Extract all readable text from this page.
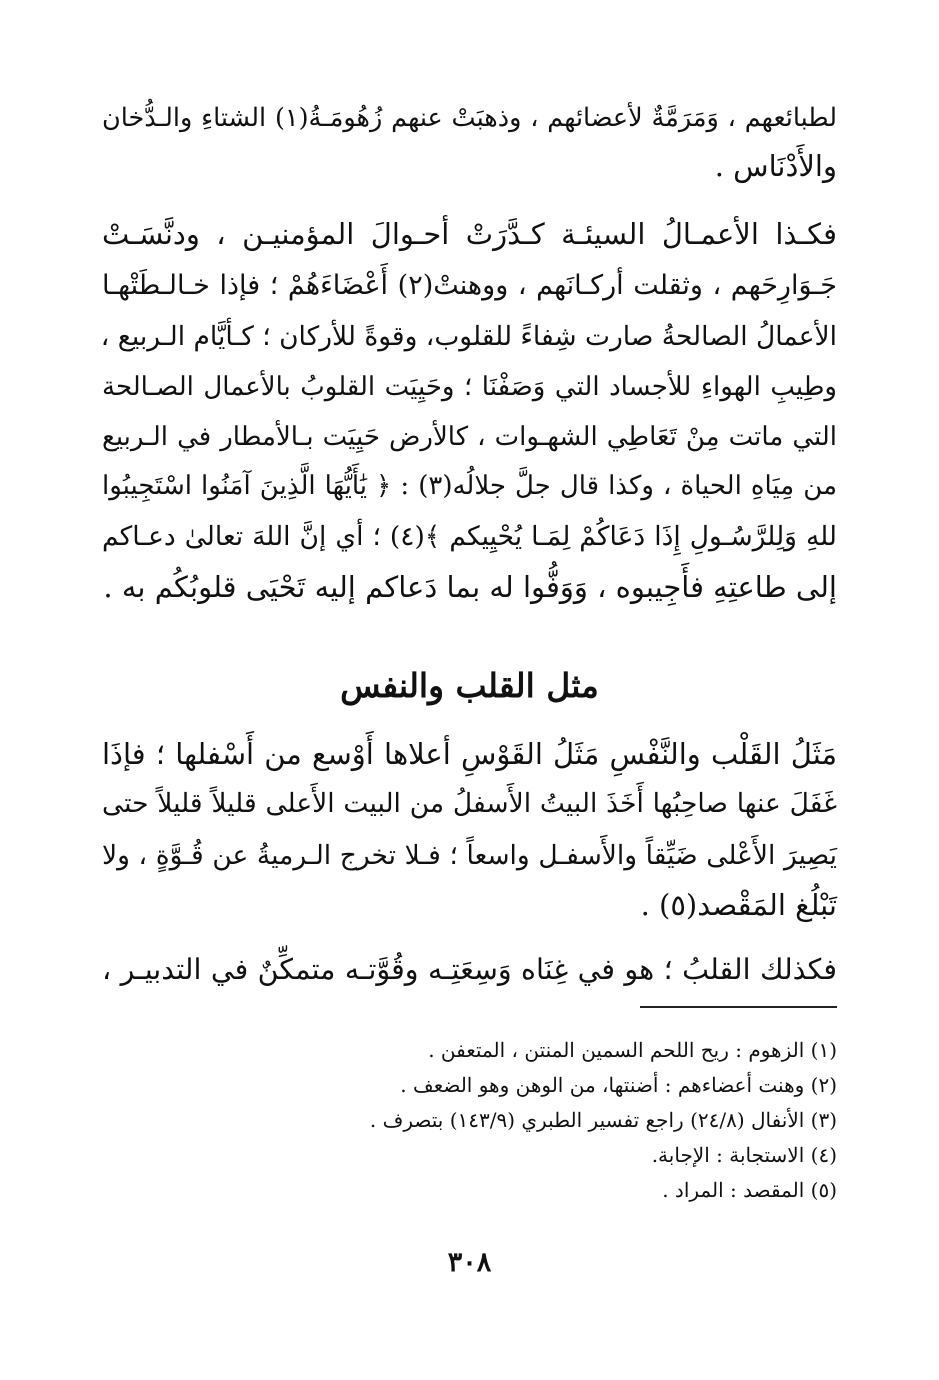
لطبائعهم ، وَمَرَمَّةٌ لأعضائهم ، وذهبَتْ عنهم زُهُومَـةُ(١) الشتاءِ والـدُّخان
والأَدْنَاس .
فكـذا الأعمـالُ السيئـة كـدَّرَتْ أحـوالَ المؤمنيـن ، ودنَّسَـتْ
جَـوَارِحَهم ، وثقلت أركـانَهم ، ووهنتْ(٢) أَعْضَاءَهُمْ ؛ فإذا خـالـطَتْهـا
الأعمالُ الصالحةُ صارت شِفاءً للقلوب، وقوةً للأركان ؛ كـأيَّام الـربيع ،
وطِيبِ الهواءِ للأجساد التي وَصَفْنَا ؛ وحَيِيَت القلوبُ بالأعمال الصـالحة
التي ماتت مِنْ تَعَاطِي الشهـوات ، كالأرض حَيِيَت بـالأمطار في الـربيع
من مِيَاهِ الحياة ، وكذا قال جلَّ جلالُه(٣) : ﴿ يَٰأَيُّهَا الَّذِينَ آمَنُوا اسْتَجِيبُوا
للهِ وَلِلرَّسُـولِ إِذَا دَعَاكُمْ لِمَـا يُحْيِيكم ﴾(٤) ؛ أي إنَّ اللهَ تعالىٰ دعـاكم
إلى طاعتِهِ فأَجِيبوه ، وَوَفُّوا له بما دَعاكم إليه تَحْيَى قلوبُكُم به .
مثل القلب والنفس
مَثَلُ القَلْب والنَّفْسِ مَثَلُ القَوْسِ أعلاها أَوْسع من أَسْفلها ؛ فإذَا
غَفَلَ عنها صاحِبُها أَخَذَ البيتُ الأَسفلُ من البيت الأَعلى قليلاً قليلاً حتى
يَصِيرَ الأَعْلى ضَيِّقاً والأَسفـل واسعاً ؛ فـلا تخرج الـرميةُ عن قُـوَّةٍ ، ولا
تَبْلُغ المَقْصد(٥) .
فكذلك القلبُ ؛ هو في غِنَاه وَسِعَتِـه وقُوَّتـه متمكِّنٌ في التدبيـر ،
(١) الزهوم : ريح اللحم السمين المنتن ، المتعفن .
(٢) وهنت أعضاءهم : أضنتها، من الوهن وهو الضعف .
(٣) الأنفال (٢٤/٨) راجع تفسير الطبري (١٤٣/٩) بتصرف .
(٤) الاستجابة : الإجابة.
(٥) المقصد : المراد .
٣٠٨
